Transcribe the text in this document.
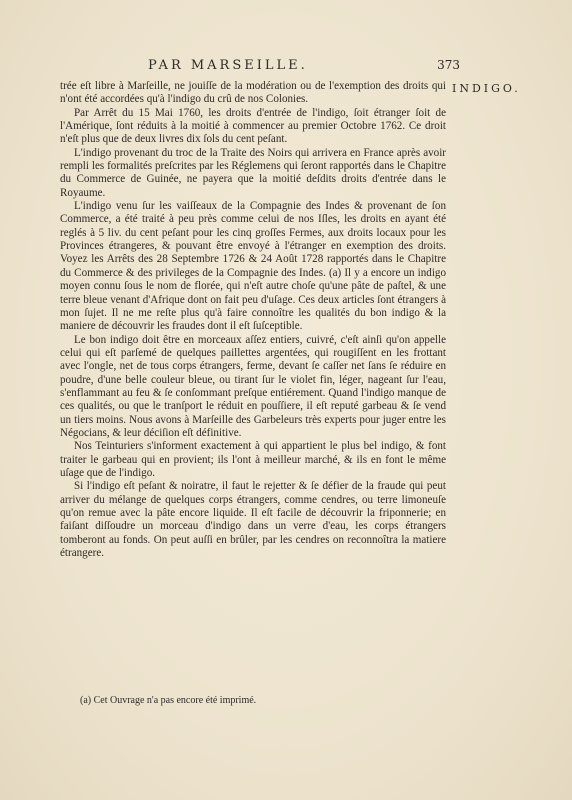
PAR MARSEILLE.	373
INDIGO.

trée eſt libre à Marſeille, ne jouiſſe de la modération ou de l'exemption des droits qui n'ont été accordées qu'à l'indigo du crû de nos Colonies.

Par Arrêt du 15 Mai 1760, les droits d'entrée de l'indigo, ſoit étranger ſoit de l'Amérique, ſont réduits à la moitié à commencer au premier Octobre 1762. Ce droit n'eſt plus que de deux livres dix ſols du cent peſant.

L'indigo provenant du troc de la Traite des Noirs qui arrivera en France après avoir rempli les formalités preſcrites par les Réglemens qui ſeront rapportés dans le Chapitre du Commerce de Guinée, ne payera que la moitié deſdits droits d'entrée dans le Royaume.

L'indigo venu ſur les vaiſſeaux de la Compagnie des Indes & provenant de ſon Commerce, a été traité à peu près comme celui de nos Iſles, les droits en ayant été reglés à 5 liv. du cent peſant pour les cinq groſſes Fermes, aux droits locaux pour les Provinces étrangeres, & pouvant être envoyé à l'étranger en exemption des droits. Voyez les Arrêts des 28 Septembre 1726 & 24 Août 1728 rapportés dans le Chapitre du Commerce & des privileges de la Compagnie des Indes. (a) Il y a encore un indigo moyen connu ſous le nom de florée, qui n'eſt autre choſe qu'une pâte de paſtel, & une terre bleue venant d'Afrique dont on fait peu d'uſage. Ces deux articles ſont étrangers à mon ſujet. Il ne me reſte plus qu'à faire connoître les qualités du bon indigo & la maniere de découvrir les fraudes dont il eſt ſuſceptible.

Le bon indigo doit être en morceaux aſſez entiers, cuivré, c'eſt ainſi qu'on appelle celui qui eſt parſemé de quelques paillettes argentées, qui rougiſſent en les frottant avec l'ongle, net de tous corps étrangers, ferme, devant ſe caſſer net ſans ſe réduire en poudre, d'une belle couleur bleue, ou tirant ſur le violet fin, léger, nageant ſur l'eau, s'enflammant au feu & ſe conſommant preſque entiérement. Quand l'indigo manque de ces qualités, ou que le tranſport le réduit en pouſſiere, il eſt reputé garbeau & ſe vend un tiers moins. Nous avons à Marſeille des Garbeleurs très experts pour juger entre les Négocians, & leur déciſion eſt définitive.

Nos Teinturiers s'informent exactement à qui appartient le plus bel indigo, & font traiter le garbeau qui en provient; ils l'ont à meilleur marché, & ils en font le même uſage que de l'indigo.

Si l'indigo eſt peſant & noiratre, il faut le rejetter & ſe défier de la fraude qui peut arriver du mélange de quelques corps étrangers, comme cendres, ou terre limoneuſe qu'on remue avec la pâte encore liquide. Il eſt facile de découvrir la friponnerie; en faiſant diſſoudre un morceau d'indigo dans un verre d'eau, les corps étrangers tomberont au fonds. On peut auſſi en brûler, par les cendres on reconnoîtra la matiere étrangere.

(a) Cet Ouvrage n'a pas encore été imprimé.
